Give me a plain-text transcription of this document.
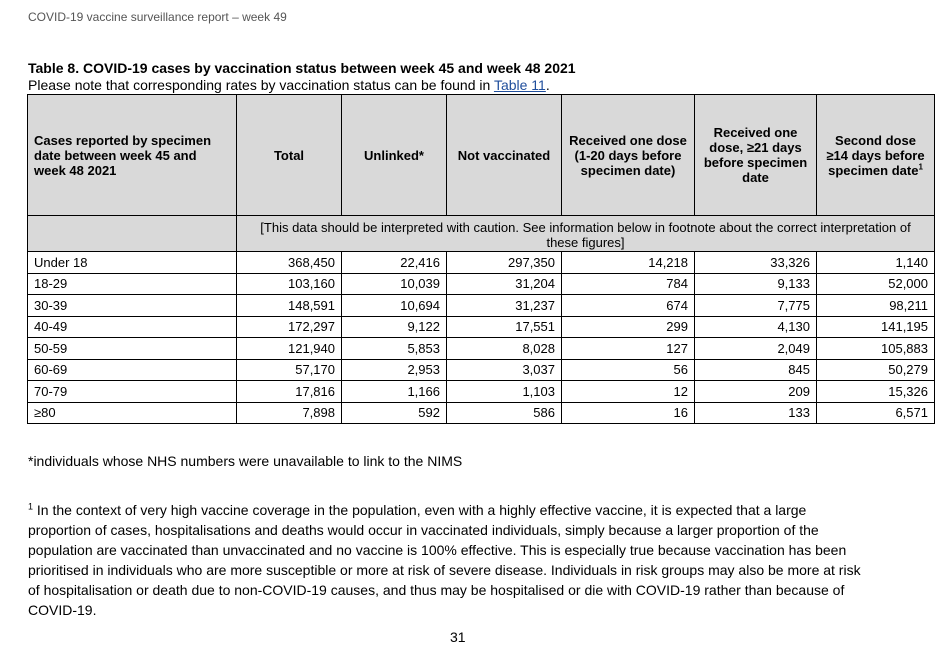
COVID-19 vaccine surveillance report – week 49
Table 8. COVID-19 cases by vaccination status between week 45 and week 48 2021
Please note that corresponding rates by vaccination status can be found in Table 11.
Cases reported by specimen date between week 45 and week 48 2021	Total	Unlinked*	Not vaccinated	Received one dose (1-20 days before specimen date)	Received one dose, ≥21 days before specimen date	Second dose ≥14 days before specimen date$^1$
	[This data should be interpreted with caution. See information below in footnote about the correct interpretation of these figures]					
Under 18	368,450	22,416	297,350	14,218	33,326	1,140
18-29	103,160	10,039	31,204	784	9,133	52,000
30-39	148,591	10,694	31,237	674	7,775	98,211
40-49	172,297	9,122	17,551	299	4,130	141,195
50-59	121,940	5,853	8,028	127	2,049	105,883
60-69	57,170	2,953	3,037	56	845	50,279
70-79	17,816	1,166	1,103	12	209	15,326
≥80	7,898	592	586	16	133	6,571
*individuals whose NHS numbers were unavailable to link to the NIMS
$^1$ In the context of very high vaccine coverage in the population, even with a highly effective vaccine, it is expected that a large proportion of cases, hospitalisations and deaths would occur in vaccinated individuals, simply because a larger proportion of the population are vaccinated than unvaccinated and no vaccine is 100% effective. This is especially true because vaccination has been prioritised in individuals who are more susceptible or more at risk of severe disease. Individuals in risk groups may also be more at risk of hospitalisation or death due to non-COVID-19 causes, and thus may be hospitalised or die with COVID-19 rather than because of COVID-19.
31
